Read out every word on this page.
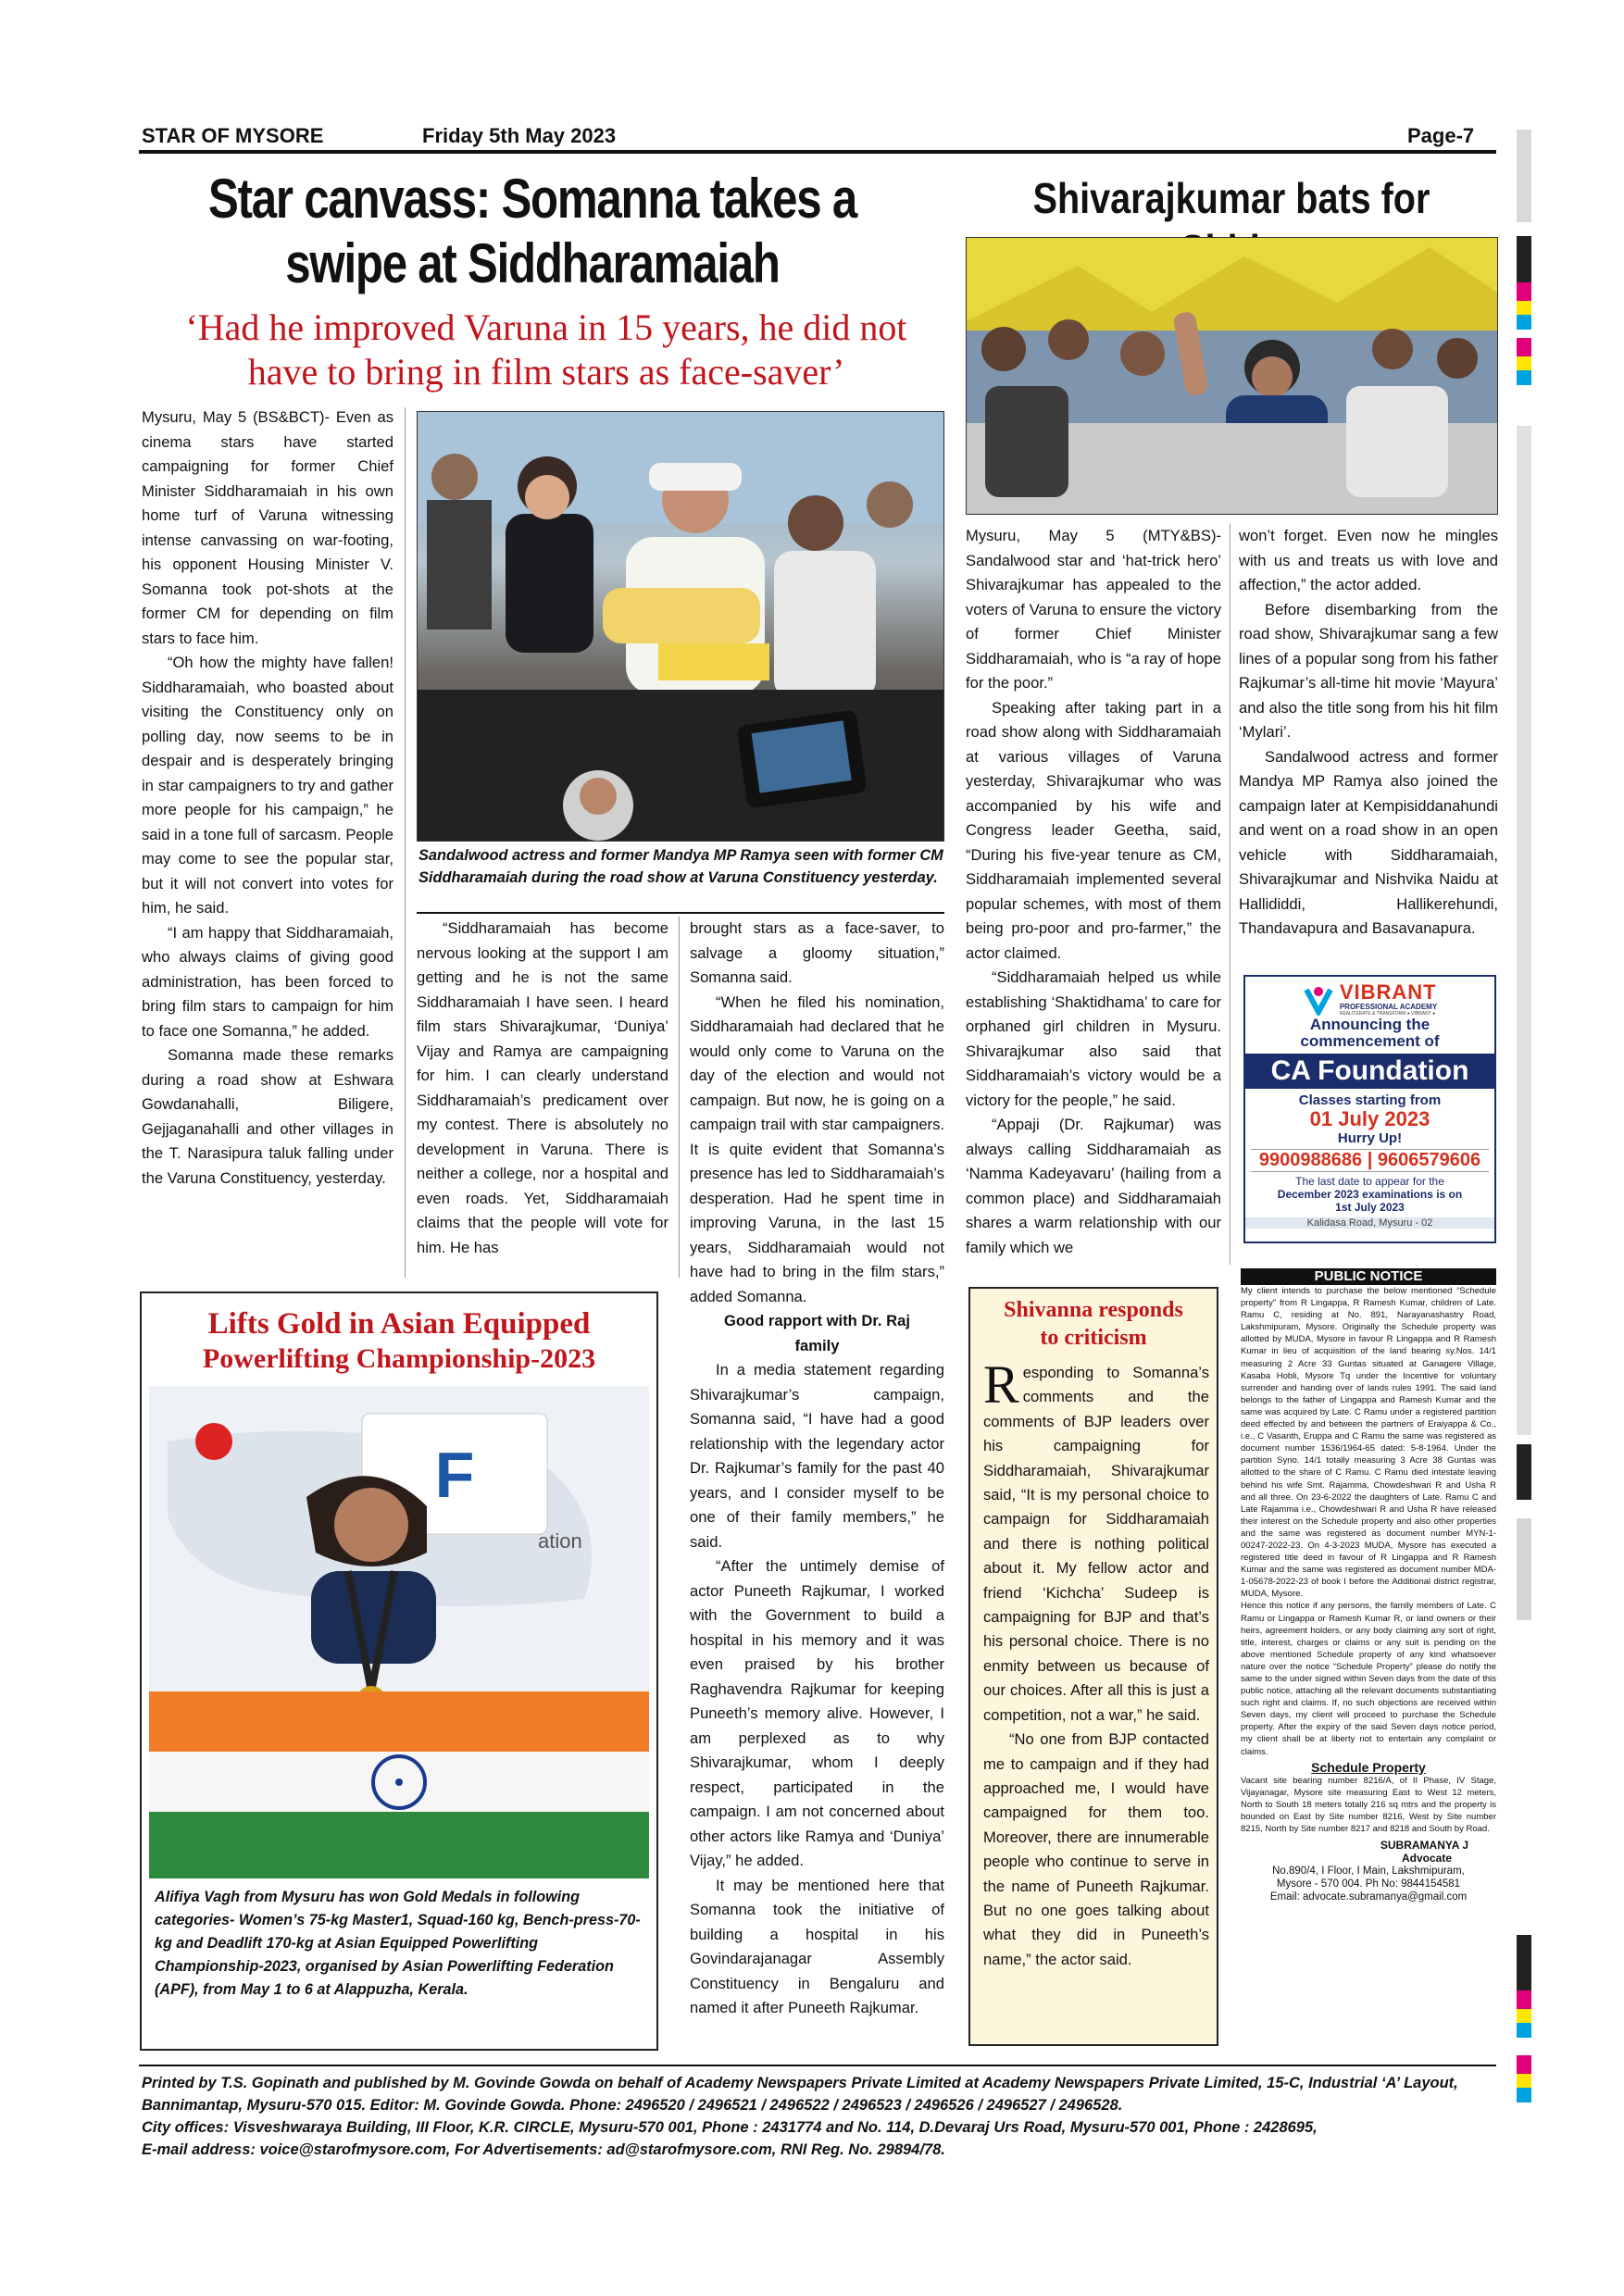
STAR OF MYSORE	Friday 5th May 2023	Page-7
Star canvass: Somanna takes a swipe at Siddharamaiah
‘Had he improved Varuna in 15 years, he did not have to bring in film stars as face-saver’
Sandalwood actress and former Mandya MP Ramya seen with former CM Siddharamaiah during the road show at Varuna Constituency yesterday.

Mysuru, May 5 (BS&BCT)- Even as cinema stars have started campaigning for former Chief Minister Siddharamaiah in his own home turf of Varuna witnessing intense canvassing on war-footing, his opponent Housing Minister V. Somanna took pot-shots at the former CM for depending on film stars to face him.

“Oh how the mighty have fallen! Siddharamaiah, who boasted about visiting the Constituency only on polling day, now seems to be in despair and is desperately bringing in star campaigners to try and gather more people for his campaign,” he said in a tone full of sarcasm. People may come to see the popular star, but it will not convert into votes for him, he said.

“I am happy that Siddharamaiah, who always claims of giving good administration, has been forced to bring film stars to campaign for him to face one Somanna,” he added.

Somanna made these remarks during a road show at Eshwara Gowdanahalli, Biligere, Gejjaganahalli and other villages in the T. Narasipura taluk falling under the Varuna Constituency, yesterday.

“Siddharamaiah has become nervous looking at the support I am getting and he is not the same Siddharamaiah I have seen. I heard film stars Shivarajkumar, ‘Duniya’ Vijay and Ramya are campaigning for him. I can clearly understand Siddharamaiah’s predicament over my contest. There is absolutely no development in Varuna. There is neither a college, nor a hospital and even roads. Yet, Siddharamaiah claims that the people will vote for him. He has

brought stars as a face-saver, to salvage a gloomy situation,” Somanna said.

“When he filed his nomination, Siddharamaiah had declared that he would only come to Varuna on the day of the election and would not campaign. But now, he is going on a campaign trail with star campaigners. It is quite evident that Somanna’s presence has led to Siddharamaiah’s desperation. Had he spent time in improving Varuna, in the last 15 years, Siddharamaiah would not have had to bring in the film stars,” added Somanna.

Good rapport with Dr. Raj family

In a media statement regarding Shivarajkumar’s campaign, Somanna said, “I have had a good relationship with the legendary actor Dr. Rajkumar’s family for the past 40 years, and I consider myself to be one of their family members,” he said.

“After the untimely demise of actor Puneeth Rajkumar, I worked with the Government to build a hospital in his memory and it was even praised by his brother Raghavendra Rajkumar for keeping Puneeth’s memory alive. However, I am perplexed as to why Shivarajkumar, whom I deeply respect, participated in the campaign. I am not concerned about other actors like Ramya and ‘Duniya’ Vijay,” he added.

It may be mentioned here that Somanna took the initiative of building a hospital in his Govindarajanagar Assembly Constituency in Bengaluru and named it after Puneeth Rajkumar.

Shivarajkumar bats for

Mysuru, May 5 (MTY&BS)- Sandalwood star and ‘hat-trick hero’ Shivarajkumar has appealed to the voters of Varuna to ensure the victory of former Chief Minister Siddharamaiah, who is “a ray of hope for the poor.”

Speaking after taking part in a road show along with Siddharamaiah at various villages of Varuna yesterday, Shivarajkumar who was accompanied by his wife and Congress leader Geetha, said, “During his five-year tenure as CM, Siddharamaiah implemented several popular schemes, with most of them being pro-poor and pro-farmer,” the actor claimed.

“Siddharamaiah helped us while establishing ‘Shaktidhama’ to care for orphaned girl children in Mysuru. Shivarajkumar also said that Siddharamaiah’s victory would be a victory for the people,” he said.

“Appaji (Dr. Rajkumar) was always calling Siddharamaiah as ‘Namma Kadeyavaru’ (hailing from a common place) and Siddharamaiah shares a warm relationship with our family which we

won’t forget. Even now he mingles with us and treats us with love and affection,” the actor added.

Before disembarking from the road show, Shivarajkumar sang a few lines of a popular song from his father Rajkumar’s all-time hit movie ‘Mayura’ and also the title song from his hit film ‘Mylari’.

Sandalwood actress and former Mandya MP Ramya also joined the campaign later at Kempisiddanahundi and went on a road show in an open vehicle with Siddharamaiah, Shivarajkumar and Nishvika Naidu at Hallididdi, Hallikerehundi, Thandavapura and Basavanapura.

VIBRANT
PROFESSIONAL ACADEMY
REALITERATE & TRANSFORM ● VIBRANT ●
Announcing the
commencement of
CA Foundation
Classes starting from
01 July 2023
Hurry Up!
9900988686 | 9606579606
The last date to appear for the
December 2023 examinations is on
1st July 2023
Kalidasa Road, Mysuru - 02
Lifts Gold in Asian Equipped
Powerlifting Championship-2023
F
ation
Alifiya Vagh from Mysuru has won Gold Medals in following categories- Women’s 75-kg Master1, Squad-160 kg, Bench-press-70-kg and Deadlift 170-kg at Asian Equipped Powerlifting Championship-2023, organised by Asian Powerlifting Federation (APF), from May 1 to 6 at Alappuzha, Kerala.
Shivanna responds
to criticism

Responding to Somanna’s comments and the comments of BJP leaders over his campaigning for Siddharamaiah, Shivarajkumar said, “It is my personal choice to campaign for Siddharamaiah and there is nothing political about it. My fellow actor and friend ‘Kichcha’ Sudeep is campaigning for BJP and that’s his personal choice. There is no enmity between us because of our choices. After all this is just a competition, not a war,” he said.

“No one from BJP contacted me to campaign and if they had approached me, I would have campaigned for them too. Moreover, there are innumerable people who continue to serve in the name of Puneeth Rajkumar. But no one goes talking about what they did in Puneeth’s name,” the actor said.

PUBLIC NOTICE
My client intends to purchase the below mentioned “Schedule property” from R Lingappa, R Ramesh Kumar, children of Late. Ramu C, residing at No. 891, Narayanashastry Road, Lakshmipuram, Mysore. Originally the Schedule property was allotted by MUDA, Mysore in favour R Lingappa and R Ramesh Kumar in lieu of acquisition of the land bearing sy.Nos. 14/1 measuring 2 Acre 33 Guntas situated at Ganagere Village, Kasaba Hobli, Mysore Tq under the Incentive for voluntary surrender and handing over of lands rules 1991. The said land belongs to the father of Lingappa and Ramesh Kumar and the same was acquired by Late. C Ramu under a registered partition deed effected by and between the partners of Eraiyappa & Co., i.e., C Vasanth, Eruppa and C Ramu the same was registered as document number 1536/1964-65 dated: 5-8-1964. Under the partition Syno. 14/1 totally measuring 3 Acre 38 Guntas was allotted to the share of C Ramu. C Ramu died intestate leaving behind his wife Smt. Rajamma, Chowdeshwari R and Usha R and all three. On 23-6-2022 the daughters of Late. Ramu C and Late Rajamma i.e., Chowdeshwari R and Usha R have released their interest on the Schedule property and also other properties and the same was registered as document number MYN-1-00247-2022-23. On 4-3-2023 MUDA, Mysore has executed a registered title deed in favour of R Lingappa and R Ramesh Kumar and the same was registered as document number MDA-1-05678-2022-23 of book I before the Additional district registrar, MUDA, Mysore.
Hence this notice if any persons, the family members of Late. C Ramu or Lingappa or Ramesh Kumar R, or land owners or their heirs, agreement holders, or any body claiming any sort of right, title, interest, charges or claims or any suit is pending on the above mentioned Schedule property of any kind whatsoever nature over the notice “Schedule Property” please do notify the same to the under signed within Seven days from the date of this public notice, attaching all the relevant documents substantiating such right and claims. If, no such objections are received within Seven days, my client will proceed to purchase the Schedule property. After the expiry of the said Seven days notice period, my client shall be at liberty not to entertain any complaint or claims.
Schedule Property
Vacant site bearing number 8216/A, of II Phase, IV Stage, Vijayanagar, Mysore site measuring East to West 12 meters, North to South 18 meters totally 216 sq mtrs and the property is bounded on East by Site number 8216, West by Site number 8215, North by Site number 8217 and 8218 and South by Road.
SUBRAMANYA J
Advocate
No.890/4, I Floor, I Main, Lakshmipuram,
Mysore - 570 004. Ph No: 9844154581
Email: advocate.subramanya@gmail.com
Printed by T.S. Gopinath and published by M. Govinde Gowda on behalf of Academy Newspapers Private Limited at Academy Newspapers Private Limited, 15-C, Industrial ‘A’ Layout, Bannimantap, Mysuru-570 015. Editor: M. Govinde Gowda. Phone: 2496520 / 2496521 / 2496522 / 2496523 / 2496526 / 2496527 / 2496528.
City offices: Visveshwaraya Building, III Floor, K.R. CIRCLE, Mysuru-570 001, Phone : 2431774 and No. 114, D.Devaraj Urs Road, Mysuru-570 001, Phone : 2428695,
E-mail address: voice@starofmysore.com, For Advertisements: ad@starofmysore.com, RNI Reg. No. 29894/78.
